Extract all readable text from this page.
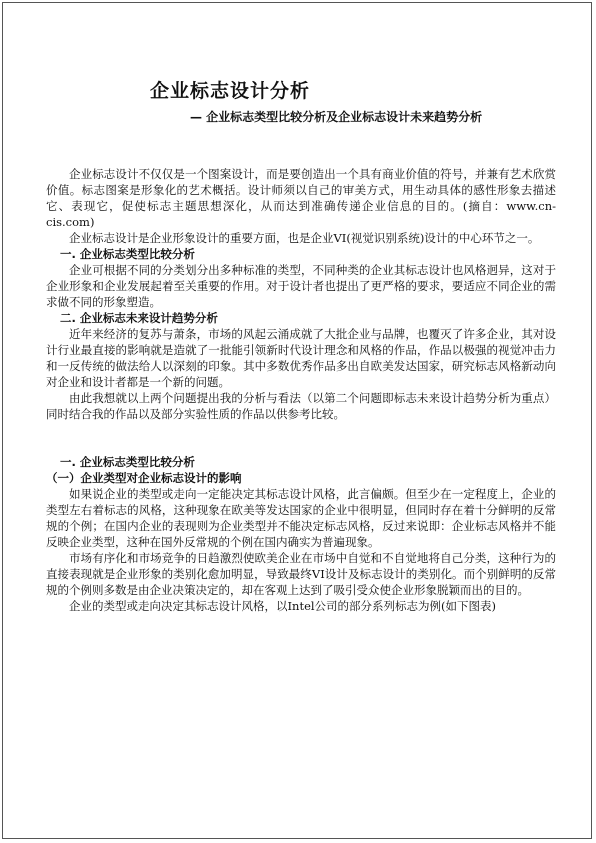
企业标志设计分析
— 企业标志类型比较分析及企业标志设计未来趋势分析

企业标志设计不仅仅是一个图案设计，而是要创造出一个具有商业价值的符号，并兼有艺术欣赏价值。标志图案是形象化的艺术概括。设计师须以自己的审美方式，用生动具体的感性形象去描述它、表现它，促使标志主题思想深化，从而达到准确传递企业信息的目的。(摘自：www.cn-cis.com)

企业标志设计是企业形象设计的重要方面，也是企业VI(视觉识别系统)设计的中心环节之一。

一. 企业标志类型比较分析

企业可根据不同的分类划分出多种标准的类型，不同种类的企业其标志设计也风格迥异，这对于企业形象和企业发展起着至关重要的作用。对于设计者也提出了更严格的要求，要适应不同企业的需求做不同的形象塑造。

二. 企业标志未来设计趋势分析

近年来经济的复苏与萧条，市场的风起云涌成就了大批企业与品牌，也覆灭了许多企业，其对设计行业最直接的影响就是造就了一批能引领新时代设计理念和风格的作品，作品以极强的视觉冲击力和一反传统的做法给人以深刻的印象。其中多数优秀作品多出自欧美发达国家，研究标志风格新动向对企业和设计者都是一个新的问题。

由此我想就以上两个问题提出我的分析与看法（以第二个问题即标志未来设计趋势分析为重点）同时结合我的作品以及部分实验性质的作品以供参考比较。

一. 企业标志类型比较分析
（一）企业类型对企业标志设计的影响

如果说企业的类型或走向一定能决定其标志设计风格，此言偏颇。但至少在一定程度上，企业的类型左右着标志的风格，这种现象在欧美等发达国家的企业中很明显，但同时存在着十分鲜明的反常规的个例；在国内企业的表现则为企业类型并不能决定标志风格，反过来说即：企业标志风格并不能反映企业类型，这种在国外反常规的个例在国内确实为普遍现象。

市场有序化和市场竞争的日趋激烈使欧美企业在市场中自觉和不自觉地将自己分类，这种行为的直接表现就是企业形象的类别化愈加明显，导致最终VI设计及标志设计的类别化。而个别鲜明的反常规的个例则多数是由企业决策决定的，却在客观上达到了吸引受众使企业形象脱颖而出的目的。

企业的类型或走向决定其标志设计风格，以Intel公司的部分系列标志为例(如下图表)
